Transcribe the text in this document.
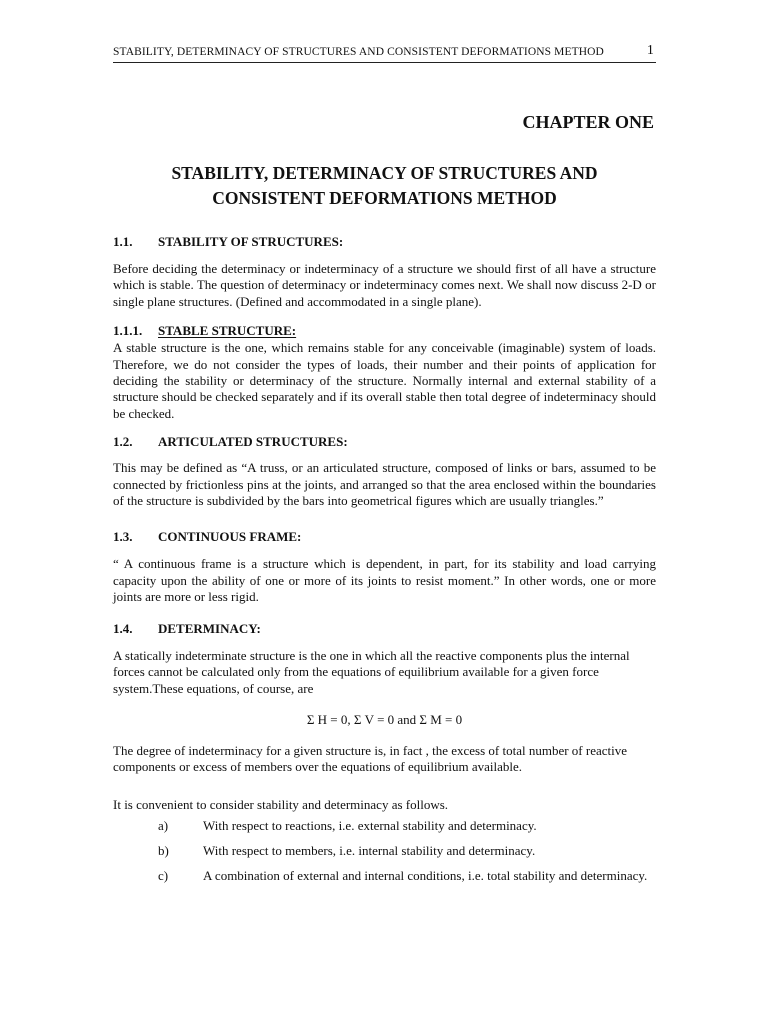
STABILITY, DETERMINACY OF STRUCTURES AND CONSISTENT DEFORMATIONS METHOD	1

CHAPTER ONE

STABILITY, DETERMINACY OF STRUCTURES AND
CONSISTENT DEFORMATIONS METHOD
1.1.	STABILITY OF STRUCTURES:

Before deciding the determinacy or indeterminacy of a structure we should first of all have a structure which is stable. The question of determinacy or indeterminacy comes next. We shall now discuss 2-D or single plane structures. (Defined and accommodated in a single plane).

1.1.1.	STABLE STRUCTURE:

A stable structure is the one, which remains stable for any conceivable (imaginable) system of loads. Therefore, we do not consider the types of loads, their number and their points of application for deciding the stability or determinacy of the structure. Normally internal and external stability of a structure should be checked separately and if its overall stable then total degree of indeterminacy should be checked.

1.2.	ARTICULATED STRUCTURES:

This may be defined as “A truss, or an articulated structure, composed of links or bars, assumed to be connected by frictionless pins at the joints, and arranged so that the area enclosed within the boundaries of the structure is subdivided by the bars into geometrical figures which are usually triangles.”

1.3.	CONTINUOUS FRAME:

“ A continuous frame is a structure which is dependent, in part, for its stability and load carrying capacity upon the ability of one or more of its joints to resist moment.” In other words, one or more joints are more or less rigid.

1.4.	DETERMINACY:

A statically indeterminate structure is the one in which all the reactive components plus the internal forces cannot be calculated only from the equations of equilibrium available for a given force system.These equations, of course, are

Σ H = 0, Σ V = 0 and Σ M = 0

The degree of indeterminacy for a given structure is, in fact , the excess of total number of reactive components or excess of members over the equations of equilibrium available.

It is convenient to consider stability and determinacy as follows.

a)	With respect to reactions, i.e. external stability and determinacy.
b)	With respect to members, i.e. internal stability and determinacy.
c)	A combination of external and internal conditions, i.e. total stability and determinacy.
